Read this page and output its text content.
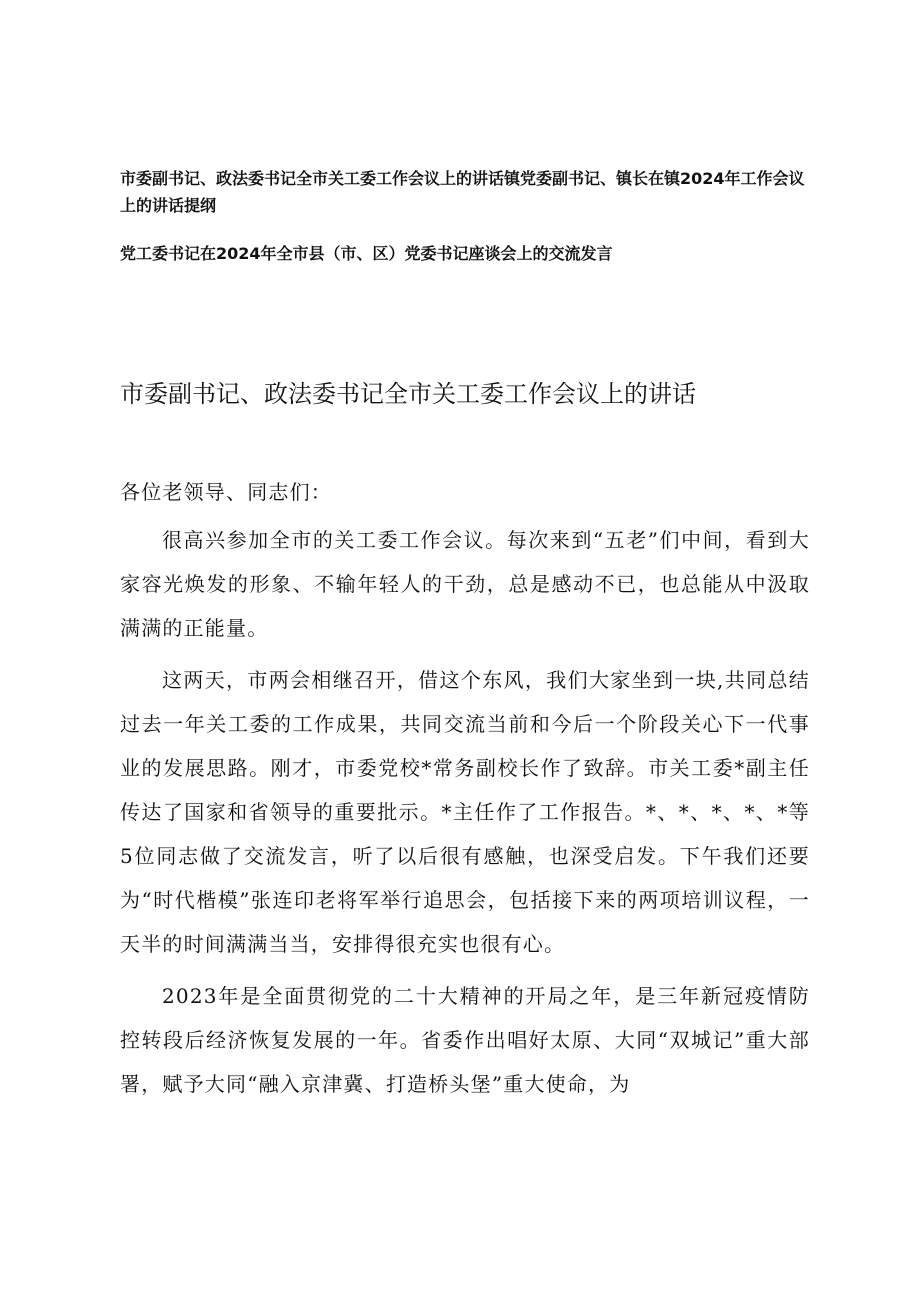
市委副书记、政法委书记全市关工委工作会议上的讲话镇党委副书记、镇长在镇2024年工作会议上的讲话提纲
党工委书记在2024年全市县（市、区）党委书记座谈会上的交流发言
市委副书记、政法委书记全市关工委工作会议上的讲话

各位老领导、同志们：

很高兴参加全市的关工委工作会议。每次来到“五老”们中间，看到大家容光焕发的形象、不输年轻人的干劲，总是感动不已，也总能从中汲取满满的正能量。

这两天，市两会相继召开，借这个东风，我们大家坐到一块,共同总结过去一年关工委的工作成果，共同交流当前和今后一个阶段关心下一代事业的发展思路。刚才，市委党校*常务副校长作了致辞。市关工委*副主任传达了国家和省领导的重要批示。*主任作了工作报告。*、*、*、*、*等5位同志做了交流发言，听了以后很有感触，也深受启发。下午我们还要为“时代楷模”张连印老将军举行追思会，包括接下来的两项培训议程，一天半的时间满满当当，安排得很充实也很有心。

2023年是全面贯彻党的二十大精神的开局之年，是三年新冠疫情防控转段后经济恢复发展的一年。省委作出唱好太原、大同“双城记”重大部署，赋予大同“融入京津冀、打造桥头堡”重大使命，为
